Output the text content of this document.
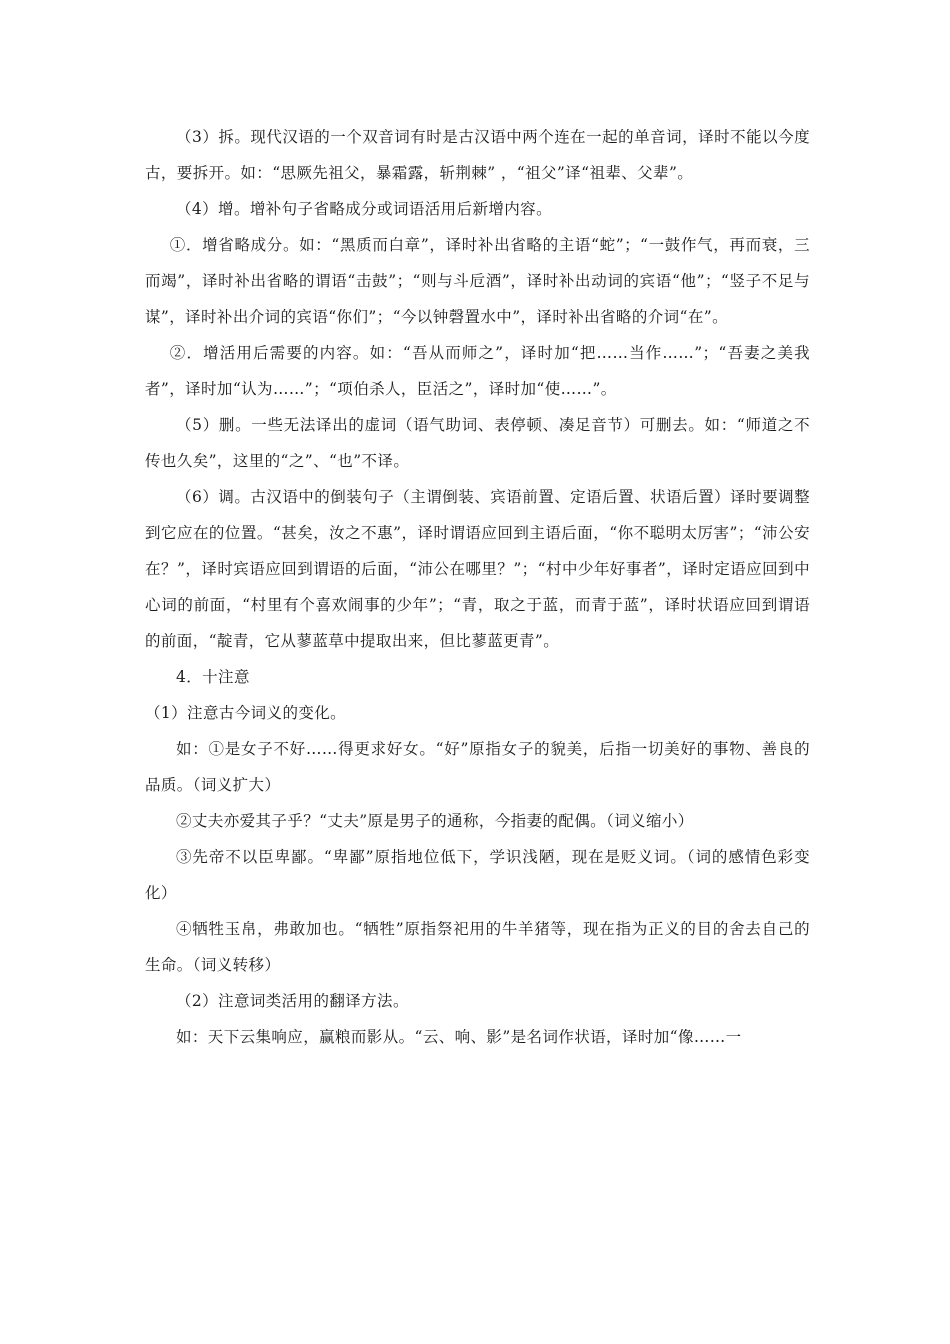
（3）拆。现代汉语的一个双音词有时是古汉语中两个连在一起的单音词，译时不能以今度古，要拆开。如：“思厥先祖父，暴霜露，斩荆棘” ，“祖父”译“祖辈、父辈”。

（4）增。增补句子省略成分或词语活用后新增内容。

①．增省略成分。如：“黑质而白章”，译时补出省略的主语“蛇”；“一鼓作气，再而衰，三而竭”，译时补出省略的谓语“击鼓”；“则与斗卮酒”，译时补出动词的宾语“他”；“竖子不足与谋”，译时补出介词的宾语“你们”；“今以钟磬置水中”，译时补出省略的介词“在”。

②．增活用后需要的内容。如：“吾从而师之”，译时加“把……当作……”；“吾妻之美我者”，译时加“认为……”；“项伯杀人，臣活之”，译时加“使……”。

（5）删。一些无法译出的虚词（语气助词、表停顿、凑足音节）可删去。如：“师道之不传也久矣”，这里的“之”、“也”不译。

（6）调。古汉语中的倒装句子（主谓倒装、宾语前置、定语后置、状语后置）译时要调整到它应在的位置。“甚矣，汝之不惠”，译时谓语应回到主语后面，“你不聪明太厉害”；“沛公安在？”，译时宾语应回到谓语的后面，“沛公在哪里？”；“村中少年好事者”，译时定语应回到中心词的前面，“村里有个喜欢闹事的少年”；“青，取之于蓝，而青于蓝”，译时状语应回到谓语的前面，“靛青，它从蓼蓝草中提取出来，但比蓼蓝更青”。

4．十注意

（1）注意古今词义的变化。

如：①是女子不好……得更求好女。“好”原指女子的貌美，后指一切美好的事物、善良的品质。（词义扩大）

②丈夫亦爱其子乎？“丈夫”原是男子的通称，今指妻的配偶。（词义缩小）

③先帝不以臣卑鄙。“卑鄙”原指地位低下，学识浅陋，现在是贬义词。（词的感情色彩变化）

④牺牲玉帛，弗敢加也。“牺牲”原指祭祀用的牛羊猪等，现在指为正义的目的舍去自己的生命。（词义转移）

（2）注意词类活用的翻译方法。

如：天下云集响应，赢粮而影从。“云、响、影”是名词作状语，译时加“像……一
